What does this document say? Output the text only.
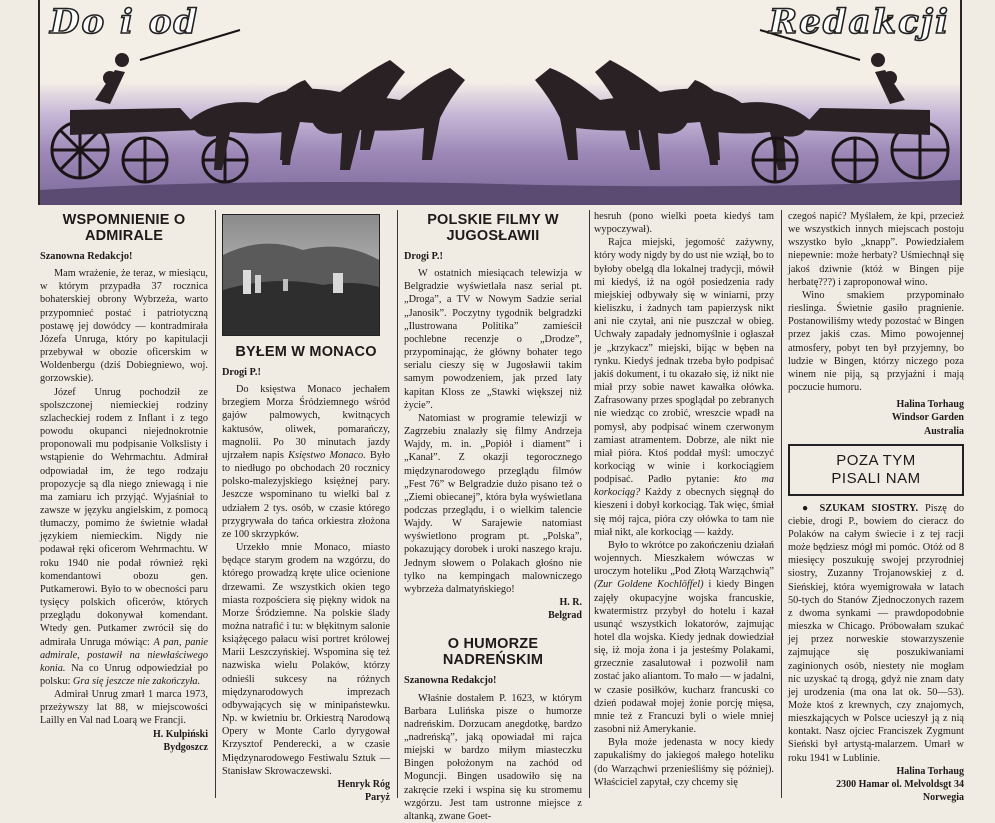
Do i od	Redakcji
WSPOMNIENIE O ADMIRALE

Szanowna Redakcjo!

Mam wrażenie, że teraz, w miesiącu, w którym przypadła 37 rocznica bohaterskiej obrony Wybrzeża, warto przypomnieć postać i patriotyczną postawę jej dowódcy — kontradmirała Józefa Unruga, który po kapitulacji przebywał w obozie oficerskim w Woldenbergu (dziś Dobiegniewo, woj. gorzowskie).

Józef Unrug pochodził ze spolszczonej niemieckiej rodziny szlacheckiej rodem z Inflant i z tego powodu okupanci niejednokrotnie proponowali mu podpisanie Volkslisty i wstąpienie do Wehrmachtu. Admirał odpowiadał im, że tego rodzaju propozycje są dla niego zniewagą i nie ma zamiaru ich przyjąć. Wyjaśniał to zawsze w języku angielskim, z pomocą tłumaczy, pomimo że świetnie władał językiem niemieckim. Nigdy nie podawał ręki oficerom Wehrmachtu. W roku 1940 nie podał również ręki komendantowi obozu gen. Putkamerowi. Było to w obecności paru tysięcy polskich oficerów, których przeglądu dokonywał komendant. Wtedy gen. Putkamer zwrócił się do admirała Unruga mówiąc: A pan, panie admirale, postawił na niewłaściwego konia. Na co Unrug odpowiedział po polsku: Gra się jeszcze nie zakończyła.

Admirał Unrug zmarł 1 marca 1973, przeżywszy lat 88, w miejscowości Lailly en Val nad Loarą we Francji.

H. Kulpiński
Bydgoszcz
BYŁEM W MONACO

Drogi P.!

Do księstwa Monaco jechałem brzegiem Morza Śródziemnego wśród gajów palmowych, kwitnących kaktusów, oliwek, pomarańczy, magnolii. Po 30 minutach jazdy ujrzałem napis Księstwo Monaco. Było to niedługo po obchodach 20 rocznicy polsko-malezyjskiego księżnej pary. Jeszcze wspominano tu wielki bal z udziałem 2 tys. osób, w czasie którego przygrywała do tańca orkiestra złożona ze 100 skrzypków.

Urzekło mnie Monaco, miasto będące starym grodem na wzgórzu, do którego prowadzą kręte ulice ocienione drzewami. Ze wszystkich okien tego miasta rozpościera się piękny widok na Morze Śródziemne. Na polskie ślady można natrafić i tu: w błękitnym salonie książęcego pałacu wisi portret królowej Marii Leszczyńskiej. Wspomina się też nazwiska wielu Polaków, którzy odnieśli sukcesy na różnych międzynarodowych imprezach odbywających się w minipaństewku. Np. w kwietniu br. Orkiestrą Narodową Opery w Monte Carlo dyrygował Krzysztof Penderecki, a w czasie Międzynarodowego Festiwalu Sztuk — Stanisław Skrowaczewski.

Henryk Róg
Paryż
POLSKIE FILMY W JUGOSŁAWII

Drogi P.!

W ostatnich miesiącach telewizja w Belgradzie wyświetlała nasz serial pt. „Droga”, a TV w Nowym Sadzie serial „Janosik”. Poczytny tygodnik belgradzki „Ilustrowana Politika” zamieścił pochlebne recenzje o „Drodze”, przypominając, że główny bohater tego serialu cieszy się w Jugosławii takim samym powodzeniem, jak przed laty kapitan Kloss ze „Stawki większej niż życie”.

Natomiast w programie telewizji w Zagrzebiu znalazły się filmy Andrzeja Wajdy, m. in. „Popiół i diament” i „Kanał”. Z okazji tegorocznego międzynarodowego przeglądu filmów „Fest 76” w Belgradzie dużo pisano też o „Ziemi obiecanej”, która była wyświetlana podczas przeglądu, i o wielkim talencie Wajdy. W Sarajewie natomiast wyświetlono program pt. „Polska”, pokazujący dorobek i uroki naszego kraju. Jednym słowem o Polakach głośno nie tylko na kempingach malowniczego wybrzeża dalmatyńskiego!

H. R.
Belgrad
O HUMORZE NADREŃSKIM

Szanowna Redakcjo!

Właśnie dostałem P. 1623, w którym Barbara Lulińska pisze o humorze nadreńskim. Dorzucam anegdotkę, bardzo „nadreńską”, jaką opowiadał mi rajca miejski w bardzo miłym miasteczku Bingen położonym na zachód od Moguncji. Bingen usadowiło się na zakręcie rzeki i wspina się ku stromemu wzgórzu. Jest tam ustronne miejsce z altanką, zwane Goet-

hesruh (pono wielki poeta kiedyś tam wypoczywał).

Rajca miejski, jegomość zażywny, który wody nigdy by do ust nie wziął, bo to byłoby obelgą dla lokalnej tradycji, mówił mi kiedyś, iż na ogół posiedzenia rady miejskiej odbywały się w winiarni, przy kieliszku, i żadnych tam papierzysk nikt ani nie czytał, ani nie puszczał w obieg. Uchwały zapadały jednomyślnie i ogłaszał je „krzykacz” miejski, bijąc w bęben na rynku. Kiedyś jednak trzeba było podpisać jakiś dokument, i tu okazało się, iż nikt nie miał przy sobie nawet kawałka ołówka. Zafrasowany przes spoglądał po zebranych nie wiedząc co zrobić, wreszcie wpadł na pomysł, aby podpisać winem czerwonym zamiast atramentem. Dobrze, ale nikt nie miał pióra. Ktoś poddał myśl: umoczyć korkociąg w winie i korkociągiem podpisać. Padło pytanie: kto ma korkociąg? Każdy z obecnych sięgnął do kieszeni i dobył korkociąg. Tak więc, śmiał się mój rajca, pióra czy ołówka to tam nie miał nikt, ale korkociąg — każdy.

Było to wkrótce po zakończeniu działań wojennych. Mieszkałem wówczas w uroczym hoteliku „Pod Złotą Warząchwią” (Zur Goldene Kochlöffel) i kiedy Bingen zajęły okupacyjne wojska francuskie, kwatermistrz przybył do hotelu i kazał usunąć wszystkich lokatorów, zajmując hotel dla wojska. Kiedy jednak dowiedział się, iż moja żona i ja jesteśmy Polakami, grzecznie zasalutował i pozwolił nam zostać jako aliantom. To mało — w jadalni, w czasie posiłków, kucharz francuski co dzień podawał mojej żonie porcję mięsa, mnie też z Francuzi byli o wiele mniej zasobni niż Amerykanie.

Była może jedenasta w nocy kiedy zapukaliśmy do jakiegoś małego hoteliku (do Warząchwi przenieśliśmy się później). Właściciel zapytał, czy chcemy się

czegoś napić? Myślałem, że kpi, przecież we wszystkich innych miejscach postoju wszystko było „knapp”. Powiedziałem niepewnie: może herbaty? Uśmiechnął się jakoś dziwnie (któż w Bingen pije herbatę???) i zaproponował wino.

Wino smakiem przypominało rieslinga. Świetnie gasiło pragnienie. Postanowiliśmy wtedy pozostać w Bingen przez jakiś czas. Mimo powojennej atmosfery, pobyt ten był przyjemny, bo ludzie w Bingen, którzy niczego poza winem nie piją, są przyjaźni i mają poczucie humoru.

Halina Torhaug
Windsor Garden
Australia
POZA TYM
PISALI NAM

● SZUKAM SIOSTRY. Piszę do ciebie, drogi P., bowiem do cieracz do Polaków na całym świecie i z tej racji może będziesz mógł mi pomóc. Otóż od 8 miesięcy poszukuję swojej przyrodniej siostry, Zuzanny Trojanowskiej z d. Sieńskiej, która wyemigrowała w latach 50-tych do Stanów Zjednoczonych razem z dwoma synkami — prawdopodobnie mieszka w Chicago. Próbowałam szukać jej przez norweskie stowarzyszenie zajmujące się poszukiwaniami zaginionych osób, niestety nie mogłam nic uzyskać tą drogą, gdyż nie znam daty jej urodzenia (ma ona lat ok. 50—53). Może ktoś z krewnych, czy znajomych, mieszkających w Polsce ucieszył ją z nią kontakt. Nasz ojciec Franciszek Zygmunt Sieński był artystą-malarzem. Umarł w roku 1941 w Lublinie.

Halina Torhaug
2300 Hamar ol. Melvoldsgt 34
Norwegia
